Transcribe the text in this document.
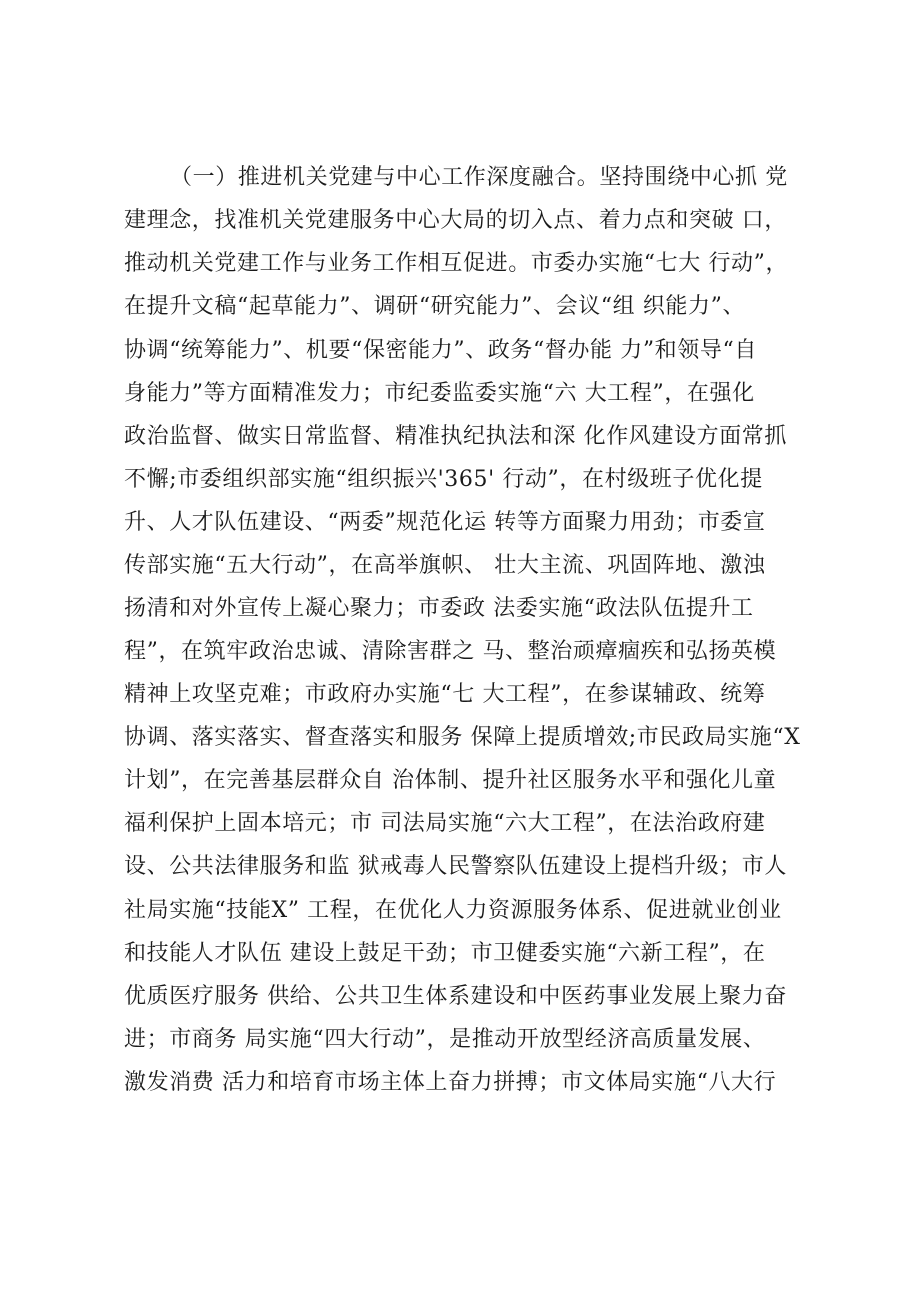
（一）推进机关党建与中心工作深度融合。坚持围绕中心抓 党
建理念，找准机关党建服务中心大局的切入点、着力点和突破 口，
推动机关党建工作与业务工作相互促进。市委办实施“七大 行动”，
在提升文稿“起草能力”、调研“研究能力”、会议“组 织能力”、
协调“统筹能力”、机要“保密能力”、政务“督办能 力”和领导“自
身能力”等方面精准发力；市纪委监委实施“六 大工程”，在强化
政治监督、做实日常监督、精准执纪执法和深 化作风建设方面常抓
不懈;市委组织部实施“组织振兴'365' 行动”，在村级班子优化提
升、人才队伍建设、“两委”规范化运 转等方面聚力用劲；市委宣
传部实施“五大行动”，在高举旗帜、 壮大主流、巩固阵地、激浊
扬清和对外宣传上凝心聚力；市委政 法委实施“政法队伍提升工
程”，在筑牢政治忠诚、清除害群之 马、整治顽瘴痼疾和弘扬英模
精神上攻坚克难；市政府办实施“七 大工程”，在参谋辅政、统筹
协调、落实落实、督查落实和服务 保障上提质增效;市民政局实施“X
计划”，在完善基层群众自 治体制、提升社区服务水平和强化儿童
福利保护上固本培元；市 司法局实施“六大工程”，在法治政府建
设、公共法律服务和监 狱戒毒人民警察队伍建设上提档升级；市人
社局实施“技能X” 工程，在优化人力资源服务体系、促进就业创业
和技能人才队伍 建设上鼓足干劲；市卫健委实施“六新工程”，在
优质医疗服务 供给、公共卫生体系建设和中医药事业发展上聚力奋
进；市商务 局实施“四大行动”，是推动开放型经济高质量发展、
激发消费 活力和培育市场主体上奋力拼搏；市文体局实施“八大行
